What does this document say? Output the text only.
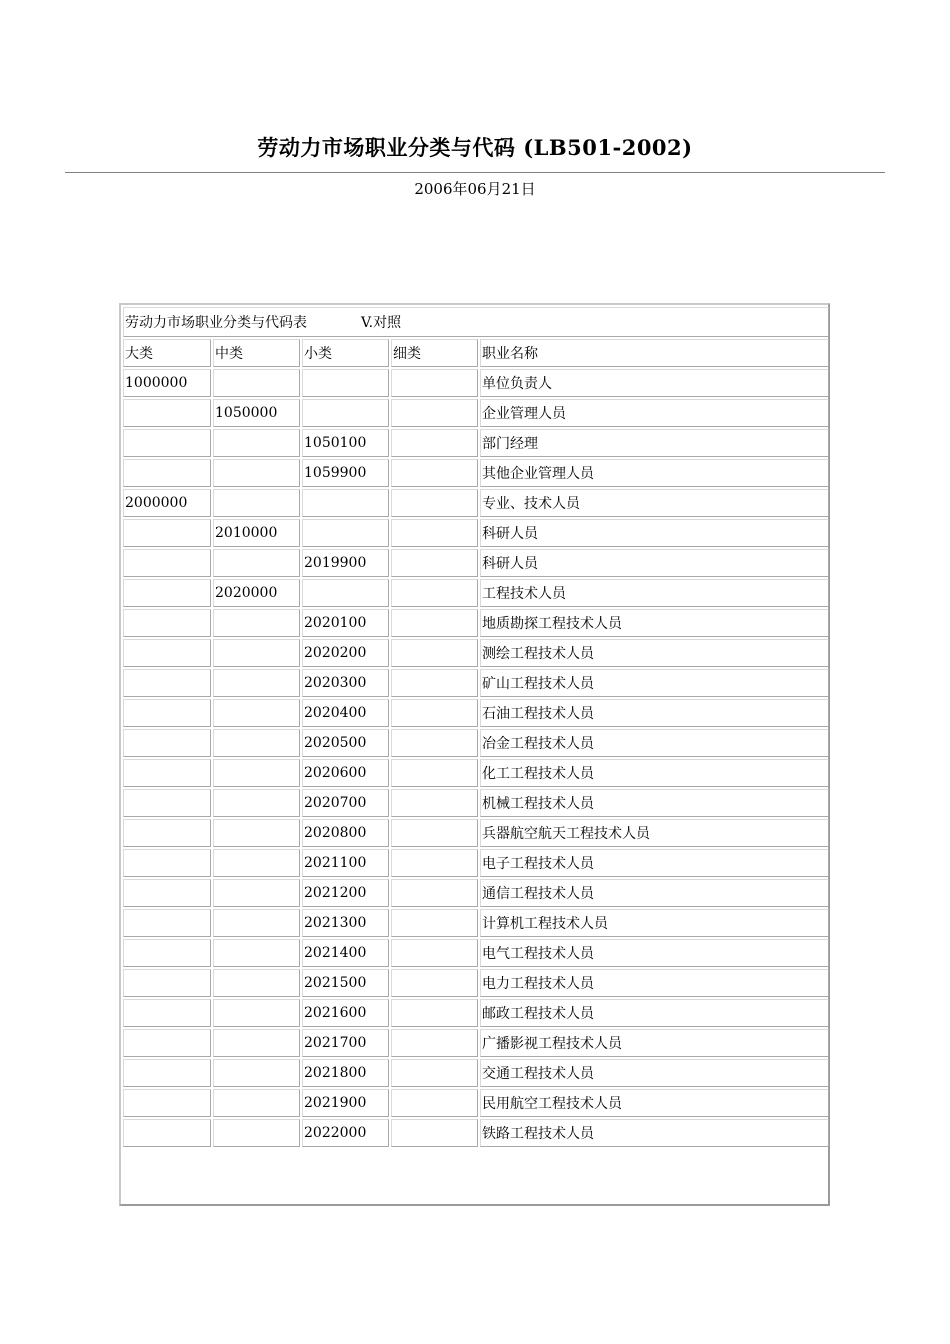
劳动力市场职业分类与代码 (LB501-2002)
2006年06月21日
劳动力市场职业分类与代码表 V.对照				
大类	中类	小类	细类	职业名称
1000000				单位负责人
	1050000			企业管理人员
		1050100		部门经理
		1059900		其他企业管理人员
2000000				专业、技术人员
	2010000			科研人员
		2019900		科研人员
	2020000			工程技术人员
		2020100		地质勘探工程技术人员
		2020200		测绘工程技术人员
		2020300		矿山工程技术人员
		2020400		石油工程技术人员
		2020500		冶金工程技术人员
		2020600		化工工程技术人员
		2020700		机械工程技术人员
		2020800		兵器航空航天工程技术人员
		2021100		电子工程技术人员
		2021200		通信工程技术人员
		2021300		计算机工程技术人员
		2021400		电气工程技术人员
		2021500		电力工程技术人员
		2021600		邮政工程技术人员
		2021700		广播影视工程技术人员
		2021800		交通工程技术人员
		2021900		民用航空工程技术人员
		2022000		铁路工程技术人员
